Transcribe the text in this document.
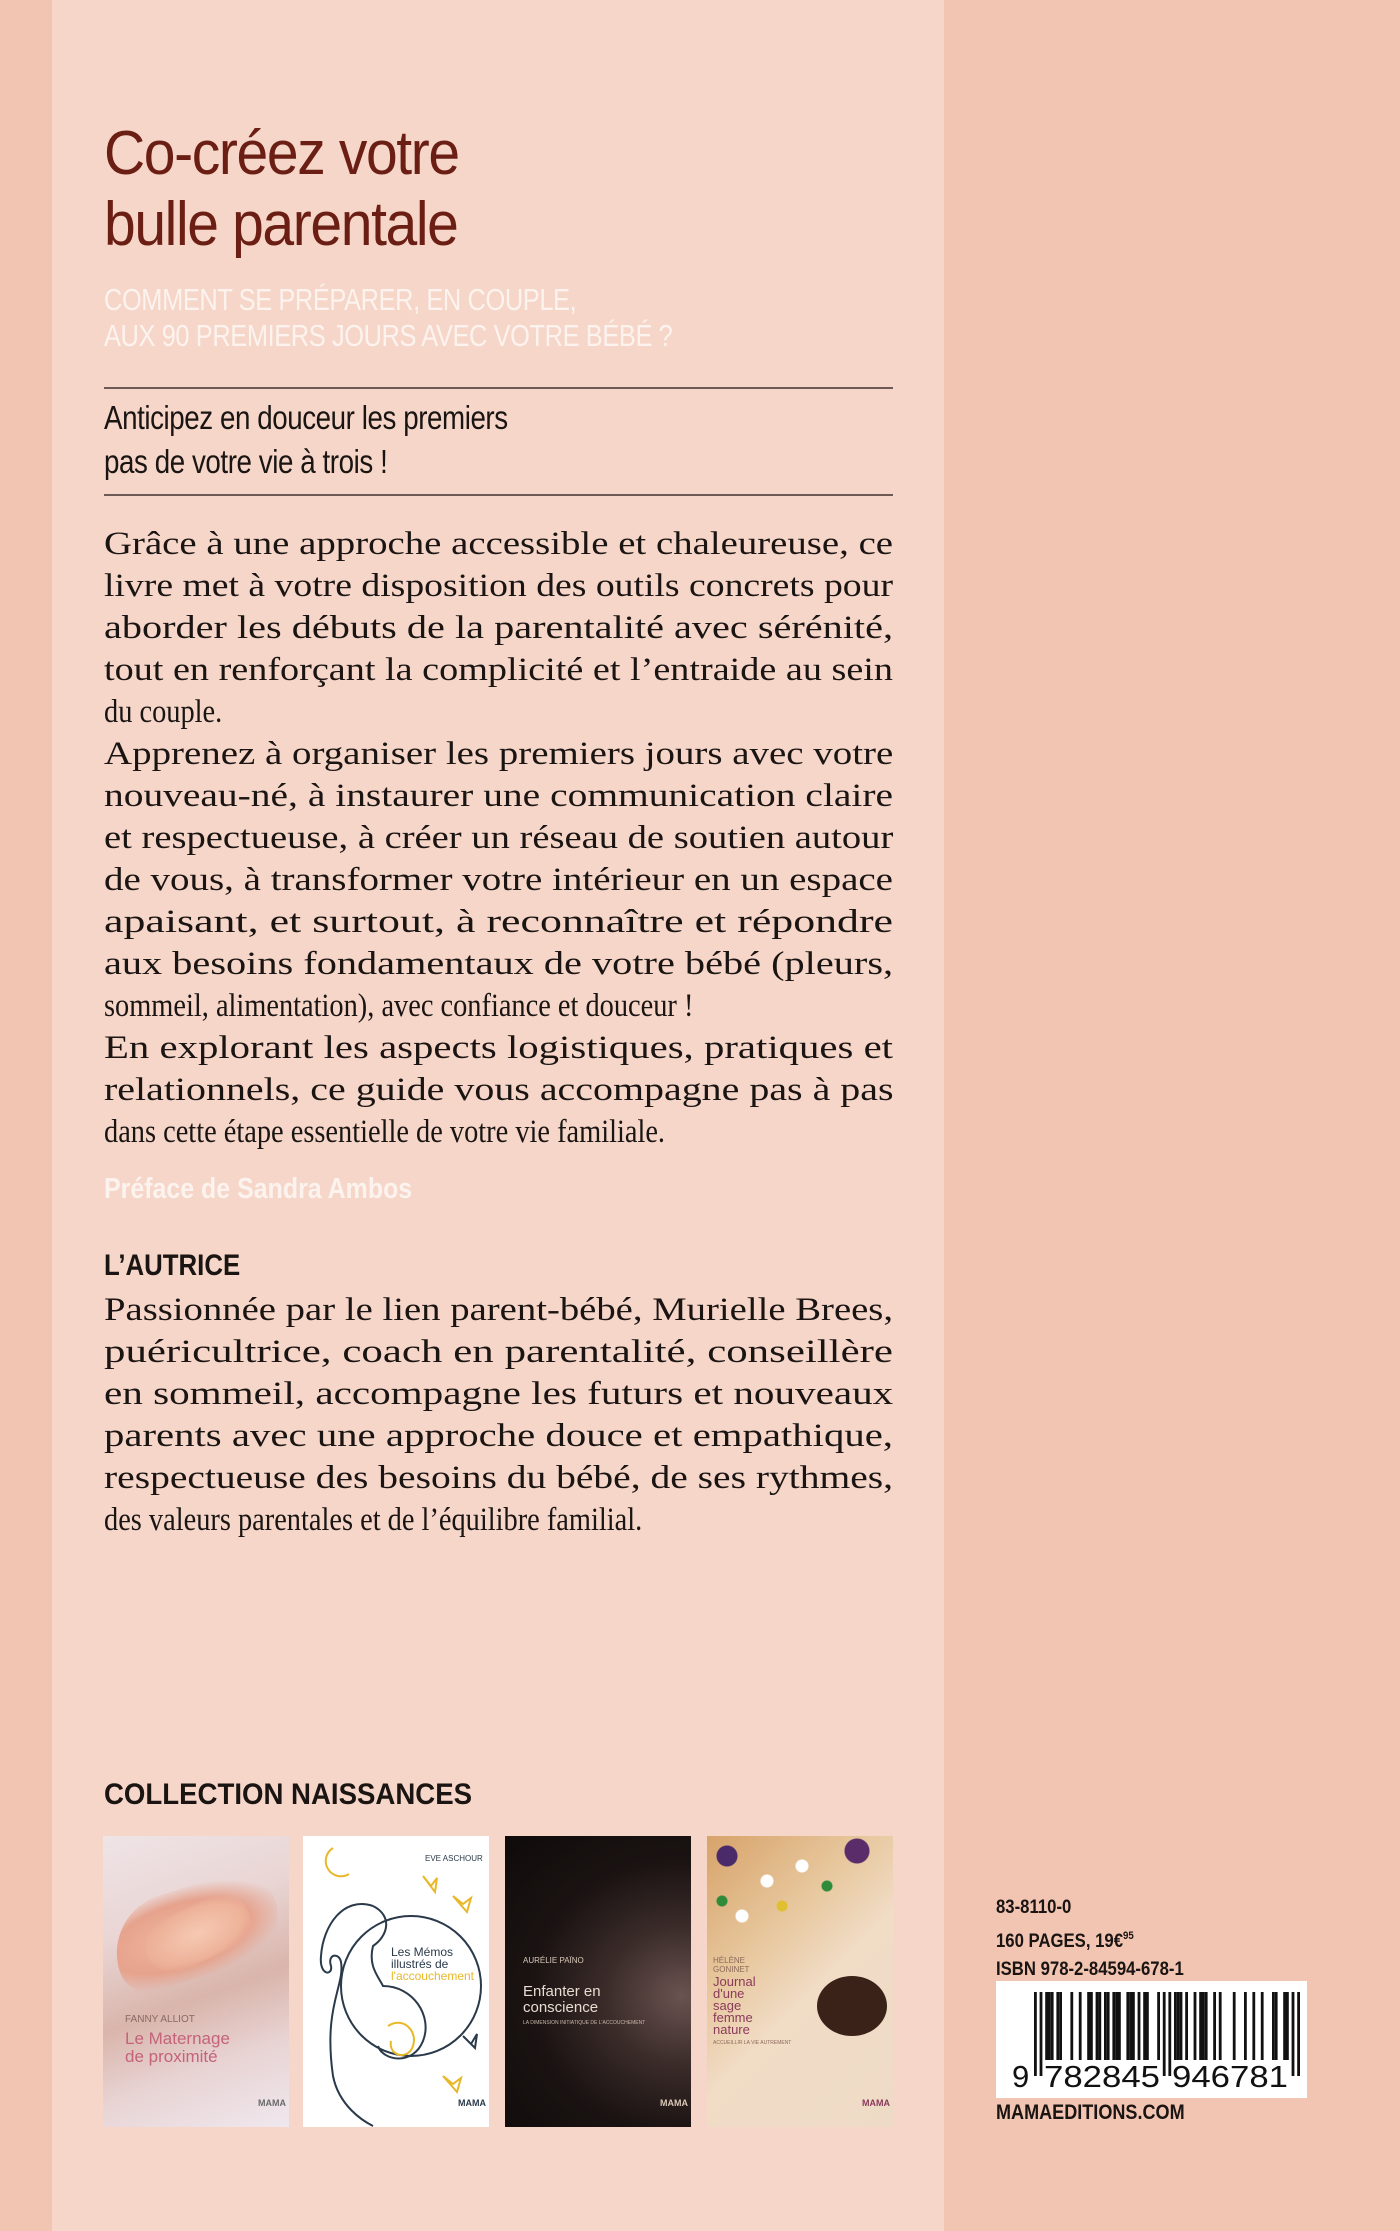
Co-créez votre
bulle parentale
COMMENT SE PRÉPARER, EN COUPLE,
AUX 90 PREMIERS JOURS AVEC VOTRE BÉBÉ ?
Anticipez en douceur les premiers
pas de votre vie à trois !
Grâce à une approche accessible et chaleureuse, ce
livre met à votre disposition des outils concrets pour
aborder les débuts de la parentalité avec sérénité,
tout en renforçant la complicité et l’entraide au sein
du couple.
Apprenez à organiser les premiers jours avec votre
nouveau-né, à instaurer une communication claire
et respectueuse, à créer un réseau de soutien autour
de vous, à transformer votre intérieur en un espace
apaisant, et surtout, à reconnaître et répondre
aux besoins fondamentaux de votre bébé (pleurs,
sommeil, alimentation), avec confiance et douceur !
En explorant les aspects logistiques, pratiques et
relationnels, ce guide vous accompagne pas à pas
dans cette étape essentielle de votre vie familiale.
Préface de Sandra Ambos
L’AUTRICE
Passionnée par le lien parent-bébé, Murielle Brees,
puéricultrice, coach en parentalité, conseillère
en sommeil, accompagne les futurs et nouveaux
parents avec une approche douce et empathique,
respectueuse des besoins du bébé, de ses rythmes,
des valeurs parentales et de l’équilibre familial.
COLLECTION NAISSANCES
FANNY ALLIOT
Le Maternage
de proximité
MAMA
EVE ASCHOUR
Les Mémos
illustrés de
l'accouchement
MAMA
AURÉLIE PAÏNO
Enfanter en
conscience
LA DIMENSION INITIATIQUE DE L'ACCOUCHEMENT
MAMA
HÉLÈNE GONINET
Journal
d'une
sage
femme
nature
ACCUEILLIR LA VIE AUTREMENT
MAMA
83-8110-0
160 PAGES, 19€$^{95}$
ISBN 978-2-84594-678-1
9 782845 946781
MAMAEDITIONS.COM
